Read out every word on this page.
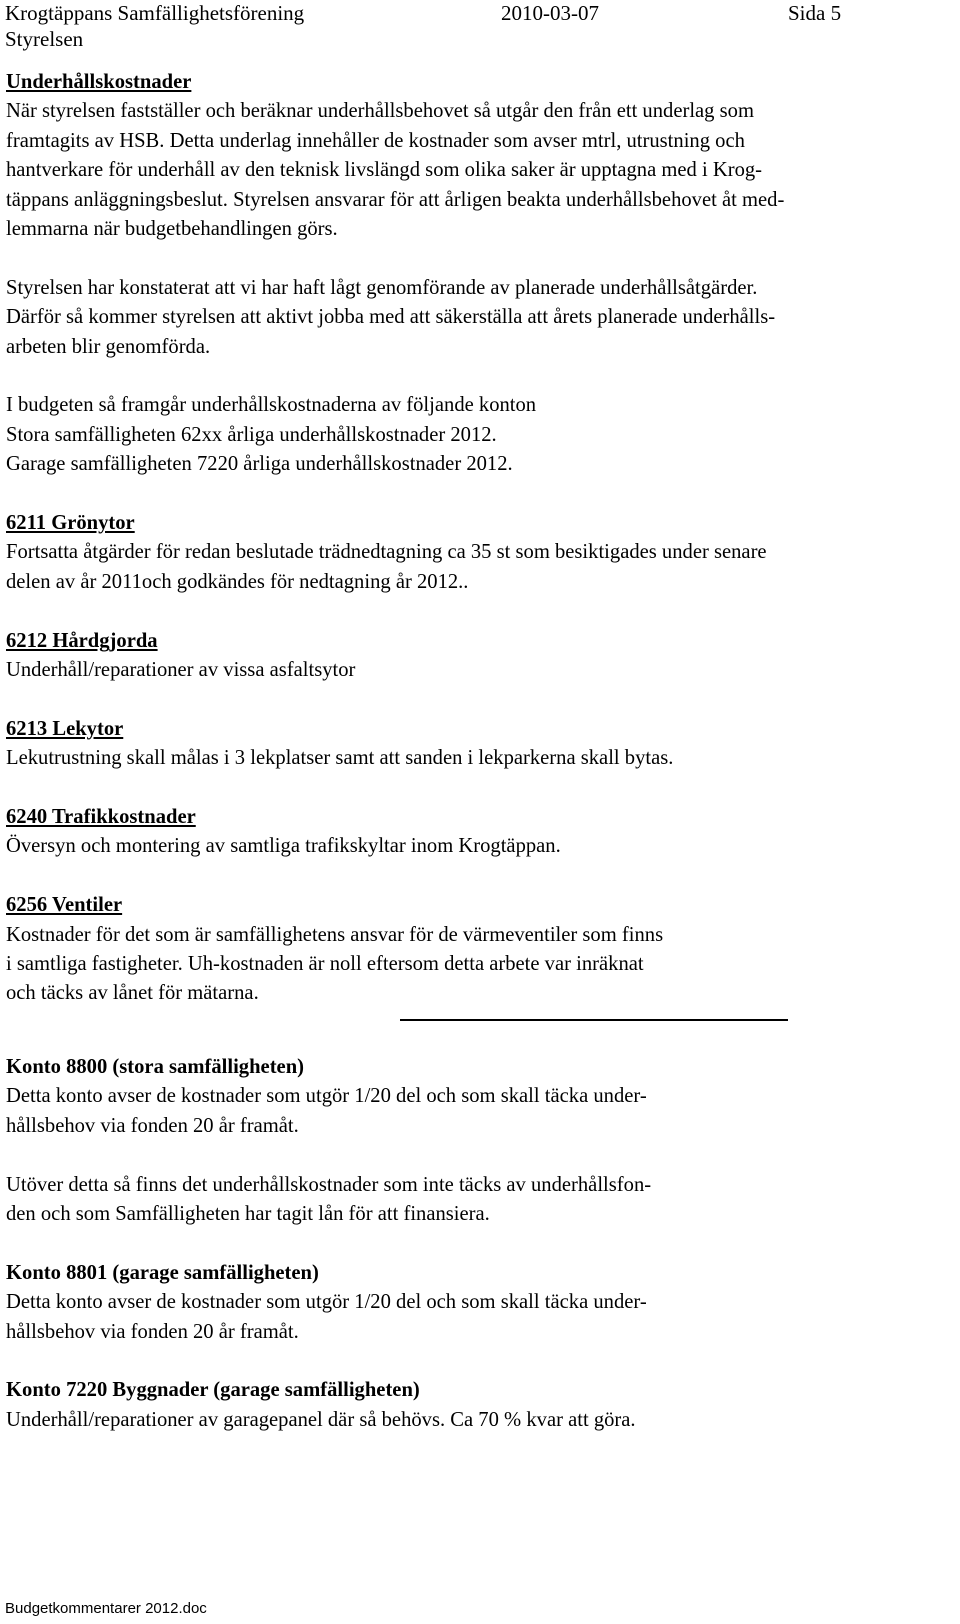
Krogtäppans Samfällighetsförening	2010-03-07	Sida 5
Styrelsen

Underhållskostnader

När styrelsen fastställer och beräknar underhållsbehovet så utgår den från ett underlag som

framtagits av HSB. Detta underlag innehåller de kostnader som avser mtrl, utrustning och

hantverkare för underhåll av den teknisk livslängd som olika saker är upptagna med i Krog-

täppans anläggningsbeslut. Styrelsen ansvarar för att årligen beakta underhållsbehovet åt med-

lemmarna när budgetbehandlingen görs.

Styrelsen har konstaterat att vi har haft lågt genomförande av planerade underhållsåtgärder.

Därför så kommer styrelsen att aktivt jobba med att säkerställa att årets planerade underhålls-

arbeten blir genomförda.

I budgeten så framgår underhållskostnaderna av följande konton

Stora samfälligheten 62xx årliga underhållskostnader 2012.

Garage samfälligheten 7220 årliga underhållskostnader 2012.

6211 Grönytor

Fortsatta åtgärder för redan beslutade trädnedtagning ca 35 st som besiktigades under senare

delen av år 2011och godkändes för nedtagning år 2012..

6212 Hårdgjorda

Underhåll/reparationer av vissa asfaltsytor

6213 Lekytor

Lekutrustning skall målas i 3 lekplatser samt att sanden i lekparkerna skall bytas.

6240 Trafikkostnader

Översyn och montering av samtliga trafikskyltar inom Krogtäppan.

6256 Ventiler

Kostnader för det som är samfällighetens ansvar för de värmeventiler som finns

i samtliga fastigheter. Uh-kostnaden är noll eftersom detta arbete var inräknat

och täcks av lånet för mätarna.

Konto 8800 (stora samfälligheten)

Detta konto avser de kostnader som utgör 1/20 del och som skall täcka under-

hållsbehov via fonden 20 år framåt.

Utöver detta så finns det underhållskostnader som inte täcks av underhållsfon-

den och som Samfälligheten har tagit lån för att finansiera.

Konto 8801 (garage samfälligheten)

Detta konto avser de kostnader som utgör 1/20 del och som skall täcka under-

hållsbehov via fonden 20 år framåt.

Konto 7220 Byggnader (garage samfälligheten)

Underhåll/reparationer av garagepanel där så behövs. Ca 70 % kvar att göra.

Budgetkommentarer 2012.doc
